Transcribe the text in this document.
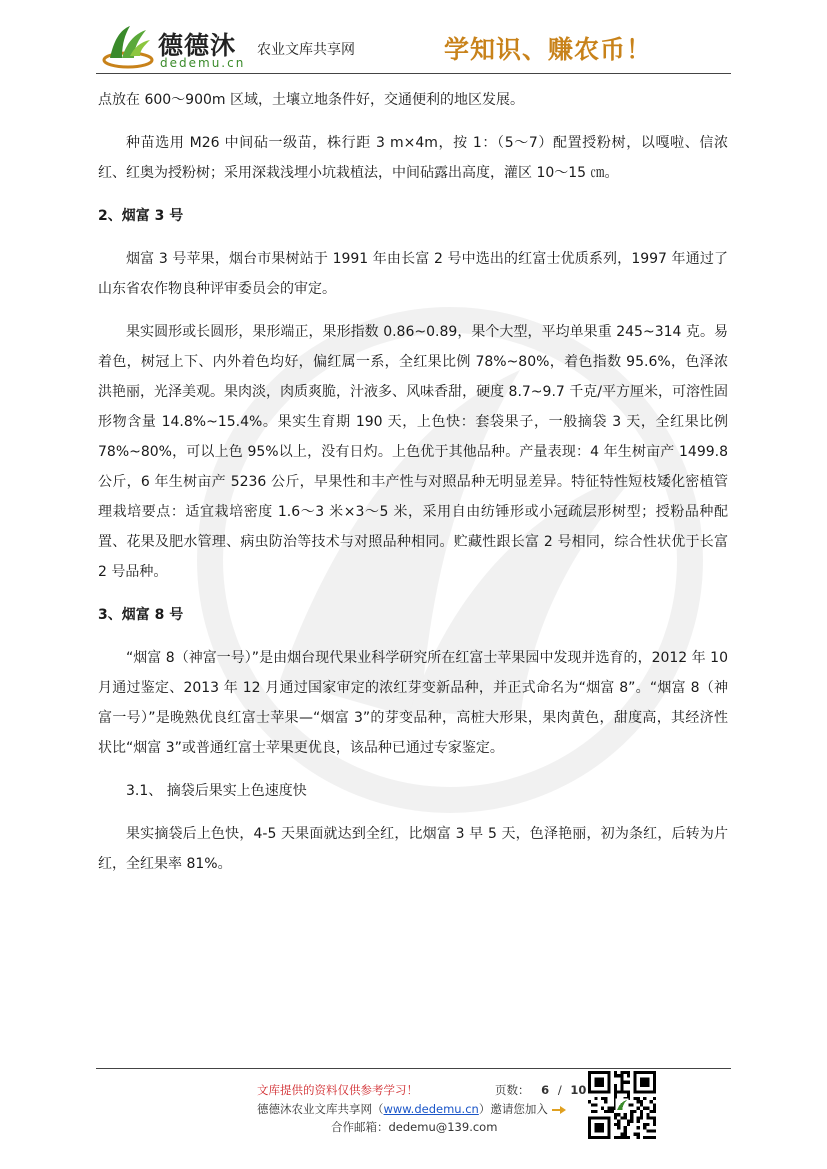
德德沐
dedemu.cn
农业文库共享网	学知识、赚农币！

点放在 600～900m 区域，土壤立地条件好，交通便利的地区发展。

种苗选用 M26 中间砧一级苗，株行距 3 m×4m，按 1：（5～7）配置授粉树，以嘎啦、信浓红、红奥为授粉树；采用深栽浅埋小坑栽植法，中间砧露出高度，灌区 10～15 ㎝。

2、烟富 3 号

烟富 3 号苹果，烟台市果树站于 1991 年由长富 2 号中选出的红富士优质系列，1997 年通过了山东省农作物良种评审委员会的审定。

果实圆形或长圆形，果形端正，果形指数 0.86~0.89，果个大型，平均单果重 245~314 克。易着色，树冠上下、内外着色均好，偏红属一系，全红果比例 78%~80%，着色指数 95.6%，色泽浓洪艳丽，光泽美观。果肉淡，肉质爽脆，汁液多、风味香甜，硬度 8.7~9.7 千克/平方厘米，可溶性固形物含量 14.8%~15.4%。果实生育期 190 天，上色快：套袋果子，一般摘袋 3 天，全红果比例 78%~80%，可以上色 95%以上，没有日灼。上色优于其他品种。产量表现：4 年生树亩产 1499.8 公斤，6 年生树亩产 5236 公斤，早果性和丰产性与对照品种无明显差异。特征特性短枝矮化密植管理栽培要点：适宜栽培密度 1.6～3 米×3～5 米，采用自由纺锤形或小冠疏层形树型；授粉品种配置、花果及肥水管理、病虫防治等技术与对照品种相同。贮藏性跟长富 2 号相同，综合性状优于长富 2 号品种。

3、烟富 8 号

“烟富 8（神富一号）”是由烟台现代果业科学研究所在红富士苹果园中发现并选育的，2012 年 10 月通过鉴定、2013 年 12 月通过国家审定的浓红芽变新品种，并正式命名为“烟富 8”。“烟富 8（神富一号）”是晚熟优良红富士苹果—“烟富 3”的芽变品种，高桩大形果，果肉黄色，甜度高，其经济性状比“烟富 3”或普通红富士苹果更优良，该品种已通过专家鉴定。

3.1、 摘袋后果实上色速度快

果实摘袋后上色快，4-5 天果面就达到全红，比烟富 3 早 5 天，色泽艳丽，初为条红，后转为片红，全红果率 81%。

文库提供的资料仅供参考学习！	页数： 6 / 10
德德沐农业文库共享网（www.dedemu.cn）邀请您加入
合作邮箱：dedemu@139.com
